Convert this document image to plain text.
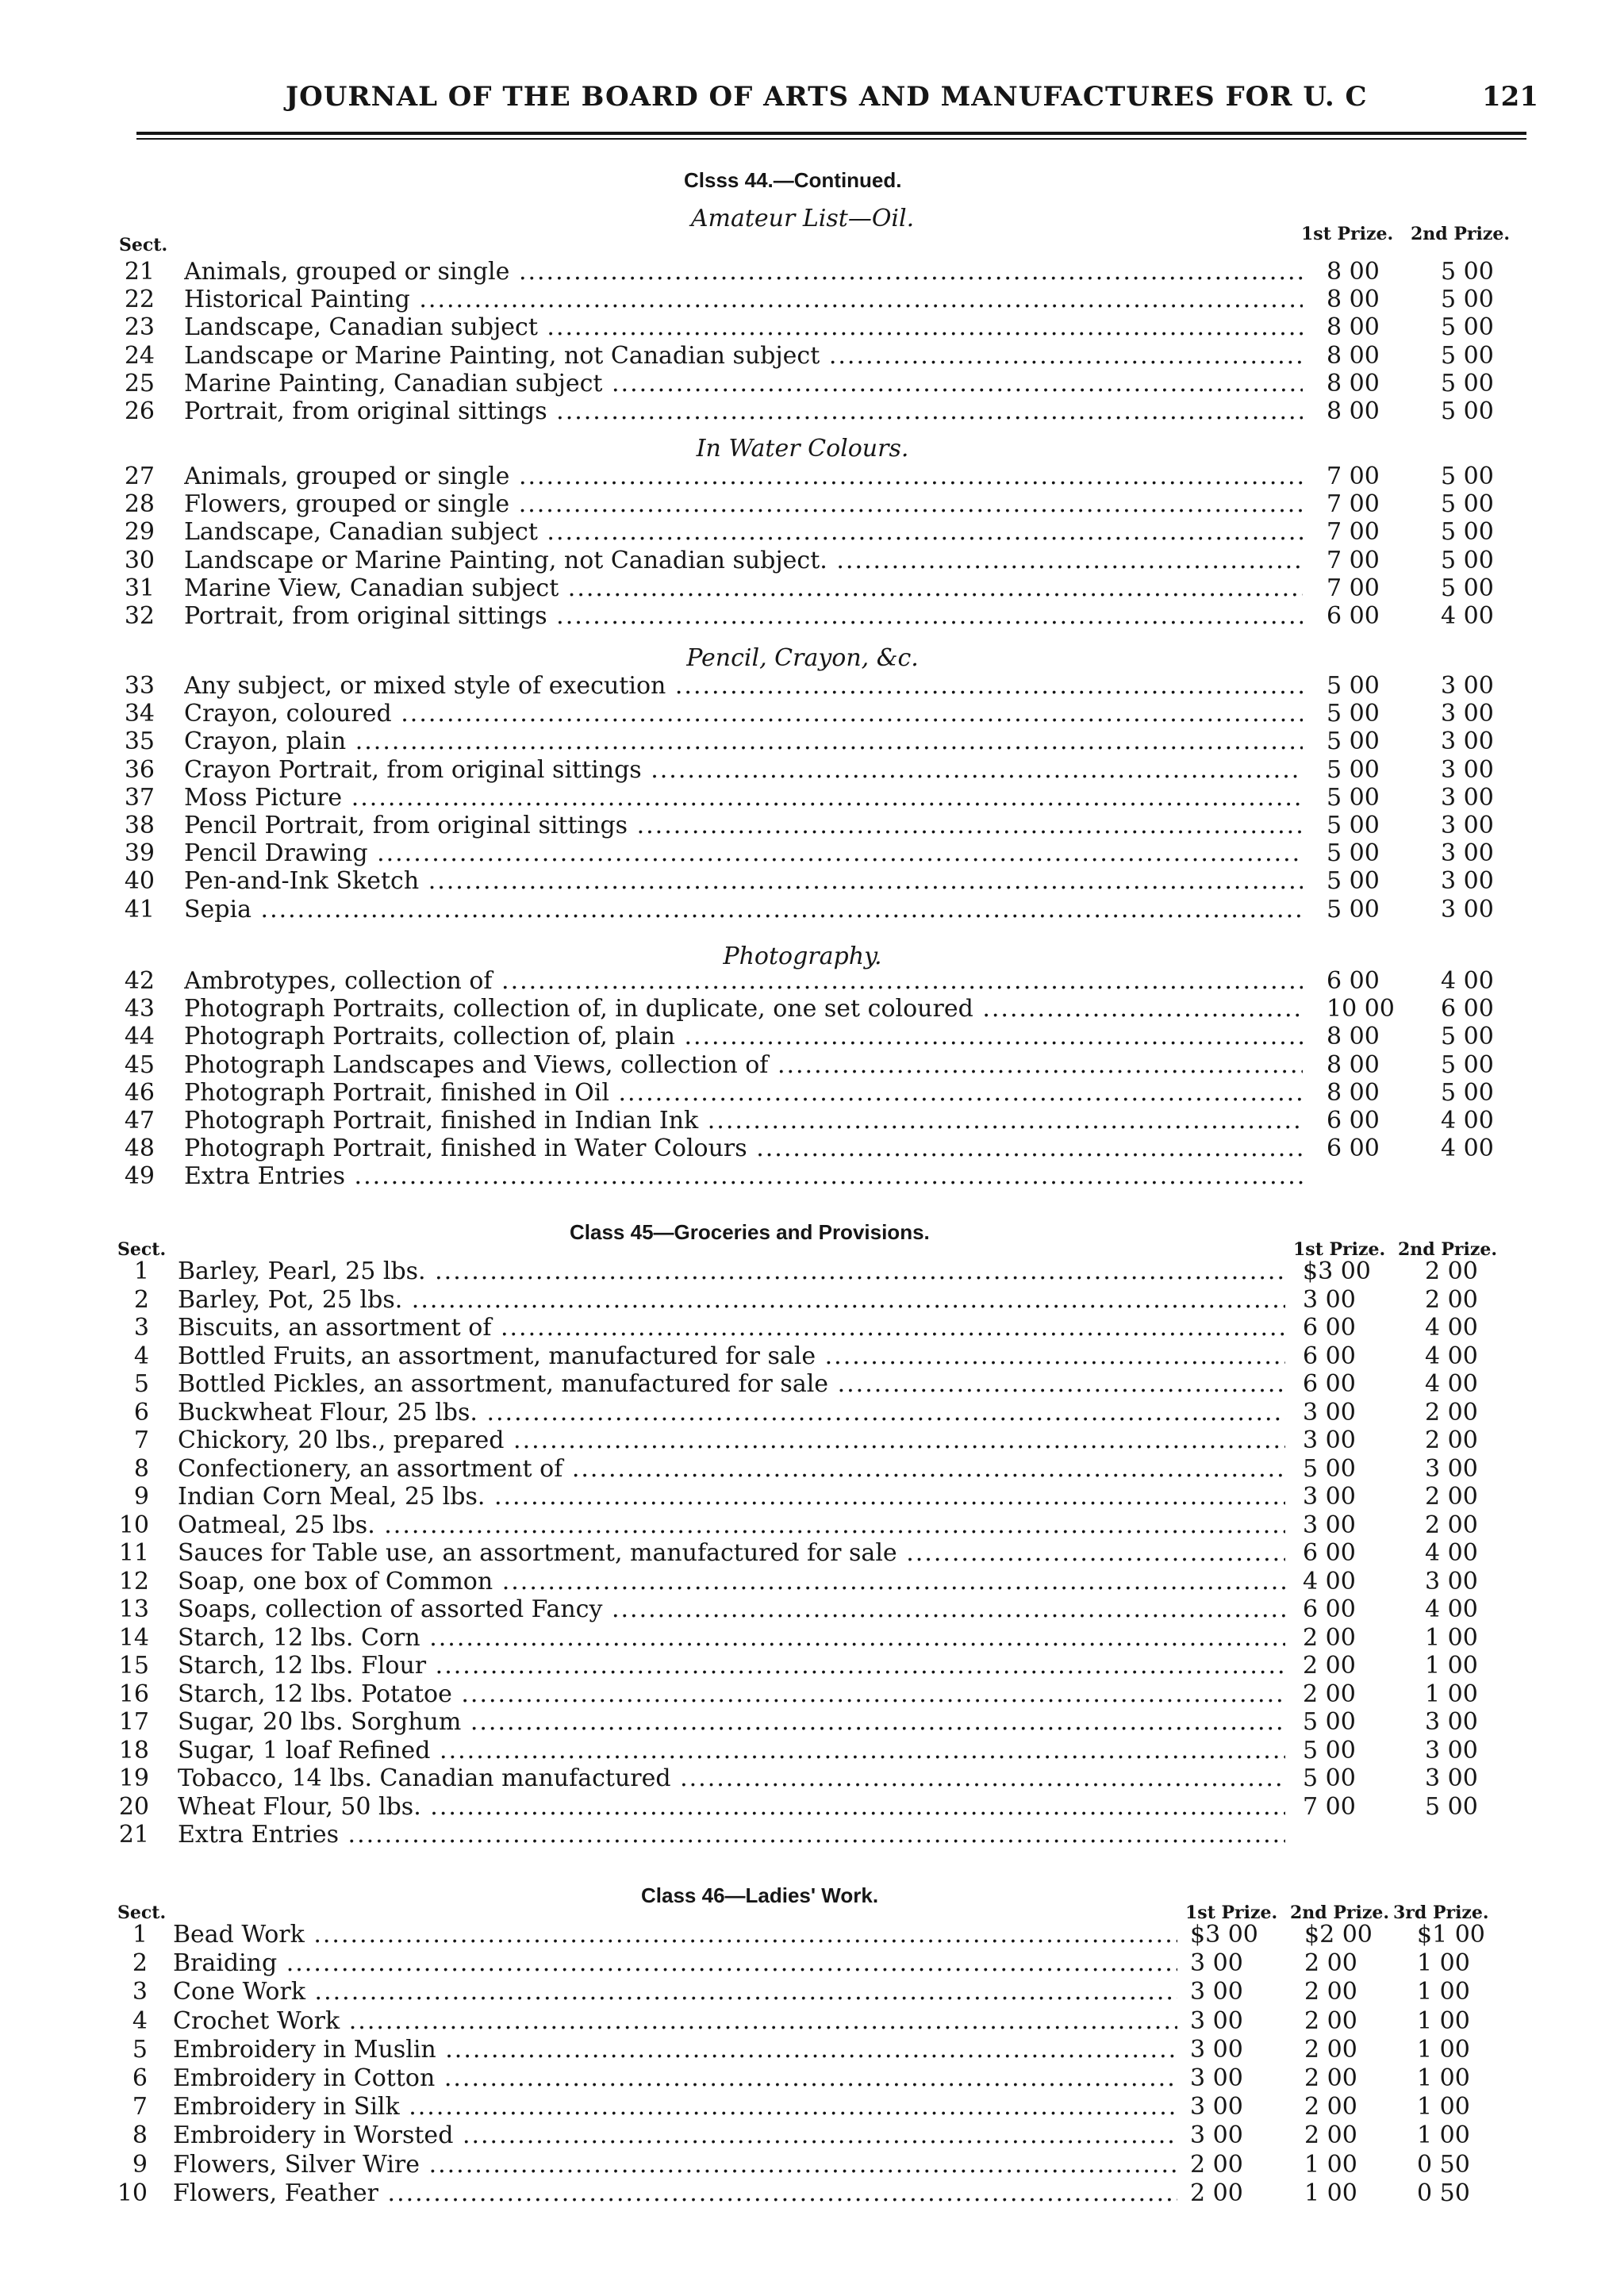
JOURNAL OF THE BOARD OF ARTS AND MANUFACTURES FOR U. C	121
Clsss 44.—Continued.
Sect.
1st Prize. 2nd Prize.
Amateur List—Oil.
21 Animals, grouped or single .....	8 00	5 00
22 Historical Painting .....	8 00	5 00
23 Landscape, Canadian subject .....	8 00	5 00
24 Landscape or Marine Painting, not Canadian subject .....	8 00	5 00
25 Marine Painting, Canadian subject .....	8 00	5 00
26 Portrait, from original sittings .....	8 00	5 00
In Water Colours.
27 Animals, grouped or single .....	7 00	5 00
28 Flowers, grouped or single .....	7 00	5 00
29 Landscape, Canadian subject .....	7 00	5 00
30 Landscape or Marine Painting, not Canadian subject. .....	7 00	5 00
31 Marine View, Canadian subject .....	7 00	5 00
32 Portrait, from original sittings .....	6 00	4 00
Pencil, Crayon, &c.
33 Any subject, or mixed style of execution .....	5 00	3 00
34 Crayon, coloured .....	5 00	3 00
35 Crayon, plain .....	5 00	3 00
36 Crayon Portrait, from original sittings .....	5 00	3 00
37 Moss Picture .....	5 00	3 00
38 Pencil Portrait, from original sittings .....	5 00	3 00
39 Pencil Drawing .....	5 00	3 00
40 Pen-and-Ink Sketch .....	5 00	3 00
41 Sepia .....	5 00	3 00
Photography.
42 Ambrotypes, collection of .....	6 00	4 00
43 Photograph Portraits, collection of, in duplicate, one set coloured .....	10 00 6 00
44 Photograph Portraits, collection of, plain .....	8 00	5 00
45 Photograph Landscapes and Views, collection of .....	8 00	5 00
46 Photograph Portrait, finished in Oil .....	8 00	5 00
47 Photograph Portrait, finished in Indian Ink .....	6 00	4 00
48 Photograph Portrait, finished in Water Colours .....	6 00	4 00
49 Extra Entries .....
Class 45—Groceries and Provisions.
Sect.	1st Prize. 2nd Prize.
1 Barley, Pearl, 25 lbs. .....	$3 00 2 00
2 Barley, Pot, 25 lbs. .....	3 00	2 00
3 Biscuits, an assortment of .....	6 00	4 00
4 Bottled Fruits, an assortment, manufactured for sale .....	6 00	4 00
5 Bottled Pickles, an assortment, manufactured for sale .....	6 00	4 00
6 Buckwheat Flour, 25 lbs. .....	3 00	2 00
7 Chickory, 20 lbs., prepared .....	3 00	2 00
8 Confectionery, an assortment of .....	5 00	3 00
9 Indian Corn Meal, 25 lbs. .....	3 00	2 00
10 Oatmeal, 25 lbs. .....	3 00	2 00
11 Sauces for Table use, an assortment, manufactured for sale .....	6 00	4 00
12 Soap, one box of Common .....	4 00	3 00
13 Soaps, collection of assorted Fancy .....	6 00	4 00
14 Starch, 12 lbs. Corn .....	2 00	1 00
15 Starch, 12 lbs. Flour .....	2 00	1 00
16 Starch, 12 lbs. Potatoe .....	2 00	1 00
17 Sugar, 20 lbs. Sorghum .....	5 00	3 00
18 Sugar, 1 loaf Refined .....	5 00	3 00
19 Tobacco, 14 lbs. Canadian manufactured .....	5 00	3 00
20 Wheat Flour, 50 lbs. .....	7 00	5 00
21 Extra Entries .....
Class 46—Ladies' Work.
Sect.	1st Prize. 2nd Prize. 3rd Prize.
1 Bead Work .....	$3 00 $2 00 $1 00
2 Braiding .....	3 00	2 00	1 00
3 Cone Work .....	3 00	2 00	1 00
4 Crochet Work .....	3 00	2 00	1 00
5 Embroidery in Muslin .....	3 00	2 00	1 00
6 Embroidery in Cotton .....	3 00	2 00	1 00
7 Embroidery in Silk .....	3 00	2 00	1 00
8 Embroidery in Worsted .....	3 00	2 00	1 00
9 Flowers, Silver Wire .....	2 00	1 00	0 50
10 Flowers, Feather .....	2 00	1 00	0 50
